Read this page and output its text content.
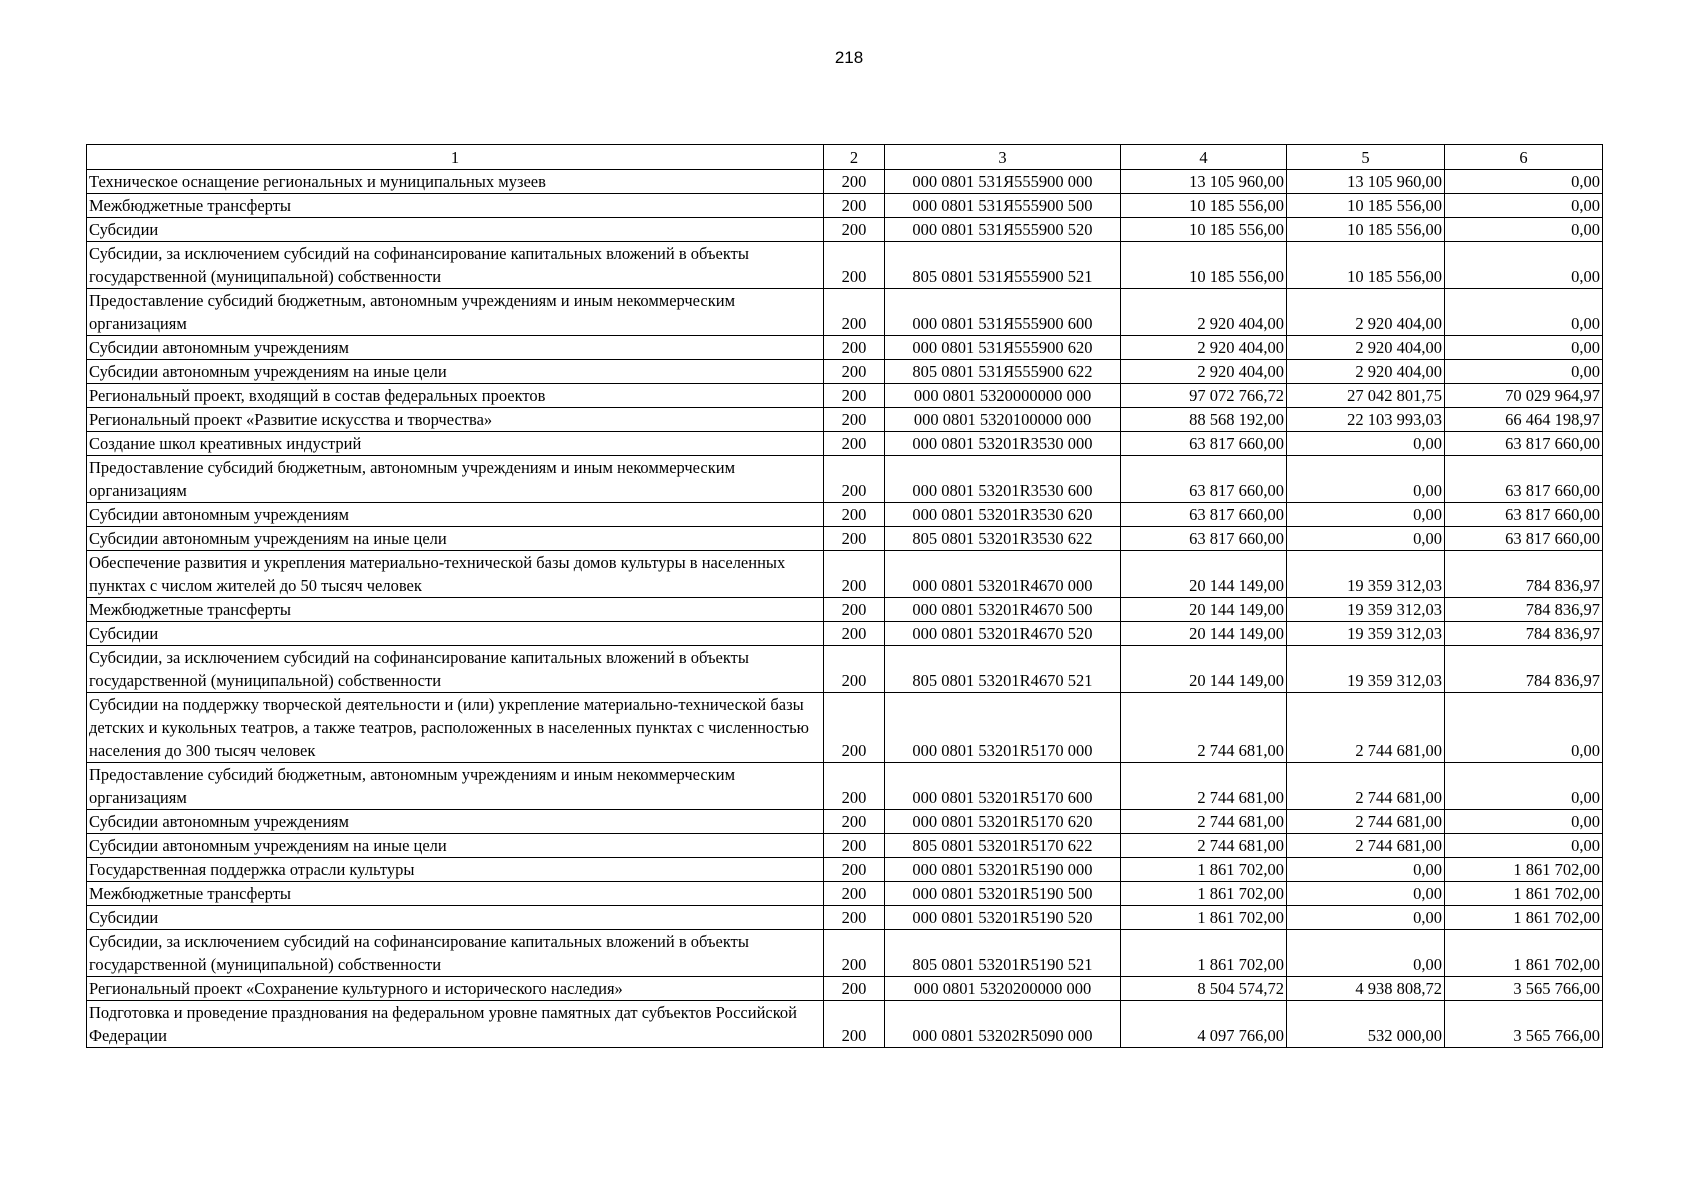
218
1	2	3	4	5	6
Техническое оснащение региональных и муниципальных музеев	200	000 0801 531Я555900 000	13 105 960,00	13 105 960,00	0,00
Межбюджетные трансферты	200	000 0801 531Я555900 500	10 185 556,00	10 185 556,00	0,00
Субсидии	200	000 0801 531Я555900 520	10 185 556,00	10 185 556,00	0,00
Субсидии, за исключением субсидий на софинансирование капитальных вложений в объекты государственной (муниципальной) собственности	200	805 0801 531Я555900 521	10 185 556,00	10 185 556,00	0,00
Предоставление субсидий бюджетным, автономным учреждениям и иным некоммерческим организациям	200	000 0801 531Я555900 600	2 920 404,00	2 920 404,00	0,00
Субсидии автономным учреждениям	200	000 0801 531Я555900 620	2 920 404,00	2 920 404,00	0,00
Субсидии автономным учреждениям на иные цели	200	805 0801 531Я555900 622	2 920 404,00	2 920 404,00	0,00
Региональный проект, входящий в состав федеральных проектов	200	000 0801 5320000000 000	97 072 766,72	27 042 801,75	70 029 964,97
Региональный проект «Развитие искусства и творчества»	200	000 0801 5320100000 000	88 568 192,00	22 103 993,03	66 464 198,97
Создание школ креативных индустрий	200	000 0801 53201R3530 000	63 817 660,00	0,00	63 817 660,00
Предоставление субсидий бюджетным, автономным учреждениям и иным некоммерческим организациям	200	000 0801 53201R3530 600	63 817 660,00	0,00	63 817 660,00
Субсидии автономным учреждениям	200	000 0801 53201R3530 620	63 817 660,00	0,00	63 817 660,00
Субсидии автономным учреждениям на иные цели	200	805 0801 53201R3530 622	63 817 660,00	0,00	63 817 660,00
Обеспечение развития и укрепления материально-технической базы домов культуры в населенных пунктах с числом жителей до 50 тысяч человек	200	000 0801 53201R4670 000	20 144 149,00	19 359 312,03	784 836,97
Межбюджетные трансферты	200	000 0801 53201R4670 500	20 144 149,00	19 359 312,03	784 836,97
Субсидии	200	000 0801 53201R4670 520	20 144 149,00	19 359 312,03	784 836,97
Субсидии, за исключением субсидий на софинансирование капитальных вложений в объекты государственной (муниципальной) собственности	200	805 0801 53201R4670 521	20 144 149,00	19 359 312,03	784 836,97
Субсидии на поддержку творческой деятельности и (или) укрепление материально-технической базы детских и кукольных театров, а также театров, расположенных в населенных пунктах с численностью населения до 300 тысяч человек	200	000 0801 53201R5170 000	2 744 681,00	2 744 681,00	0,00
Предоставление субсидий бюджетным, автономным учреждениям и иным некоммерческим организациям	200	000 0801 53201R5170 600	2 744 681,00	2 744 681,00	0,00
Субсидии автономным учреждениям	200	000 0801 53201R5170 620	2 744 681,00	2 744 681,00	0,00
Субсидии автономным учреждениям на иные цели	200	805 0801 53201R5170 622	2 744 681,00	2 744 681,00	0,00
Государственная поддержка отрасли культуры	200	000 0801 53201R5190 000	1 861 702,00	0,00	1 861 702,00
Межбюджетные трансферты	200	000 0801 53201R5190 500	1 861 702,00	0,00	1 861 702,00
Субсидии	200	000 0801 53201R5190 520	1 861 702,00	0,00	1 861 702,00
Субсидии, за исключением субсидий на софинансирование капитальных вложений в объекты государственной (муниципальной) собственности	200	805 0801 53201R5190 521	1 861 702,00	0,00	1 861 702,00
Региональный проект «Сохранение культурного и исторического наследия»	200	000 0801 5320200000 000	8 504 574,72	4 938 808,72	3 565 766,00
Подготовка и проведение празднования на федеральном уровне памятных дат субъектов Российской Федерации	200	000 0801 53202R5090 000	4 097 766,00	532 000,00	3 565 766,00
